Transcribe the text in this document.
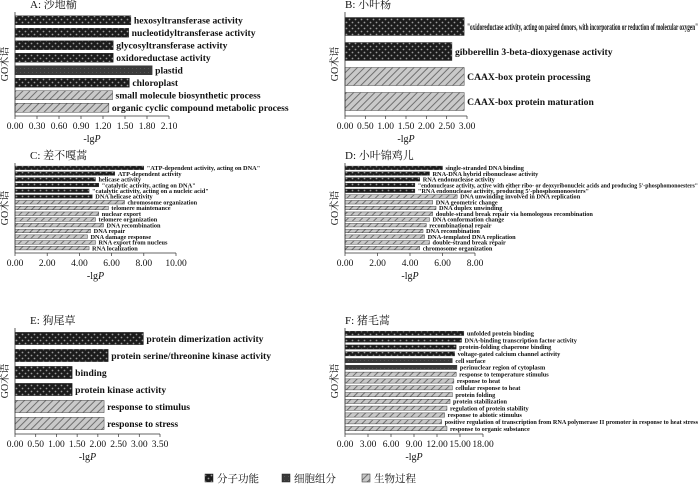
A: 沙地榆
hexosyltransferase activity
nucleotidyltransferase activity
glycosyltransferase activity
oxidoreductase activity
plastid
chloroplast
small molecule biosynthetic process
organic cyclic compound metabolic process
0.00 0.30 0.60 0.90 1.20 1.50 1.80 2.10
-lgP
GO术语
B: 小叶杨
"oxidoreductase activity, acting on paired donors, with incorporation or reduction of molecular oxygen"
gibberellin 3-beta-dioxygenase activity
CAAX-box protein processing
CAAX-box protein maturation
0.00 0.50 1.00 1.50 2.00 2.50 3.00
-lgP
GO术语
C: 差不嘎蒿
"ATP-dependent activity, acting on DNA"
ATP-dependent activity
helicase activity
"catalytic activity, acting on DNA"
"catalytic activity, acting on a nucleic acid"
DNA helicase activity
chromosome organization
telomere maintenance
nuclear export
telomere organization
DNA recombination
DNA repair
DNA damage response
RNA export from nucleus
RNA localization
0.00 2.00 4.00 6.00 8.00 10.00
-lgP
GO术语
D: 小叶锦鸡儿
single-stranded DNA binding
RNA-DNA hybrid ribonuclease activity
RNA endonuclease activity
"endonuclease activity, active with either ribo- or deoxyribonucleic acids and producing 5'-phosphomonoesters"
"RNA endonuclease activity, producing 5'-phosphomonoesters"
DNA unwinding involved in DNA replication
DNA geometric change
DNA duplex unwinding
double-strand break repair via homologous recombination
DNA conformation change
recombinational repair
DNA recombination
DNA-templated DNA replication
double-strand break repair
chromosome organization
0.00 2.00 4.00 6.00 8.00
-lgP
GO术语
E: 狗尾草
protein dimerization activity
protein serine/threonine kinase activity
binding
protein kinase activity
response to stimulus
response to stress
0.00 0.50 1.00 1.50 2.00 2.50 3.00 3.50
-lgP
GO术语
F: 猪毛蒿
unfolded protein binding
DNA-binding transcription factor activity
protein-folding chaperone binding
voltage-gated calcium channel activity
cell surface
perinuclear region of cytoplasm
response to temperature stimulus
response to heat
cellular response to heat
protein folding
protein stabilization
regulation of protein stability
response to abiotic stimulus
positive regulation of transcription from RNA polymerase II promoter in response to heat stress
response to organic substance
0.00 3.00 6.00 9.00 12.00 15.00 18.00
-lgP
GO术语
分子功能	细胞组分	生物过程
